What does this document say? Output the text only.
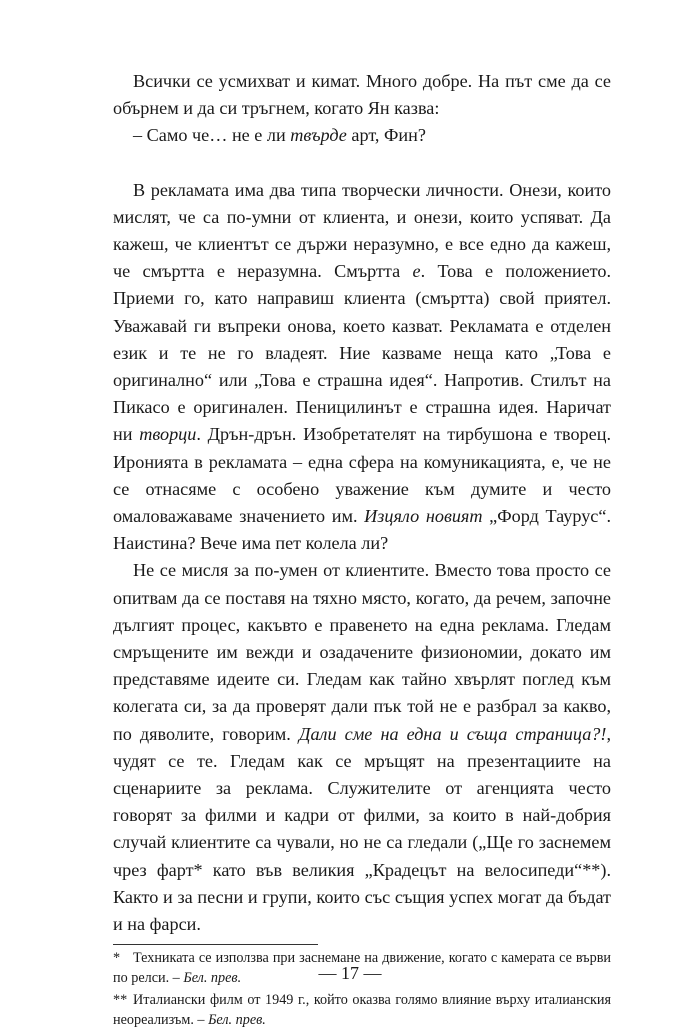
Всички се усмихват и кимат. Много добре. На път сме да се обърнем и да си тръгнем, когато Ян казва:

– Само че… не е ли твърде арт, Фин?

В рекламата има два типа творчески личности. Онези, които мислят, че са по-умни от клиента, и онези, които успяват. Да кажеш, че клиентът се държи неразумно, е все едно да кажеш, че смъртта е неразумна. Смъртта е. Това е положението. Приеми го, като направиш клиента (смъртта) свой приятел. Уважавай ги въпреки онова, което казват. Рекламата е отделен език и те не го владеят. Ние казваме неща като „Това е оригинално“ или „Това е страшна идея“. Напротив. Стилът на Пикасо е оригинален. Пеницилинът е страшна идея. Наричат ни творци. Дрън-дрън. Изобретателят на тирбушона е творец. Иронията в рекламата – една сфера на комуникацията, е, че не се отнасяме с особено уважение към думите и често омаловажаваме значението им. Изцяло новият „Форд Таурус“. Наистина? Вече има пет колела ли?

Не се мисля за по-умен от клиентите. Вместо това просто се опитвам да се поставя на тяхно място, когато, да речем, започне дългият процес, какъвто е правенето на една реклама. Гледам смръщените им вежди и озадачените физиономии, докато им представяме идеите си. Гледам как тайно хвърлят поглед към колегата си, за да проверят дали пък той не е разбрал за какво, по дяволите, говорим. Дали сме на една и съща страница?!, чудят се те. Гледам как се мръщят на презентациите на сценариите за реклама. Служителите от агенцията често говорят за филми и кадри от филми, за които в най-добрия случай клиентите са чували, но не са гледали („Ще го заснемем чрез фарт* като във великия „Крадецът на велосипеди“**). Както и за песни и групи, които със същия успех могат да бъдат и на фарси.

* Техниката се използва при заснемане на движение, когато с камерата се върви по релси. – Бел. прев.

** Италиански филм от 1949 г., който оказва голямо влияние върху италианския неореализъм. – Бел. прев.

— 17 —
